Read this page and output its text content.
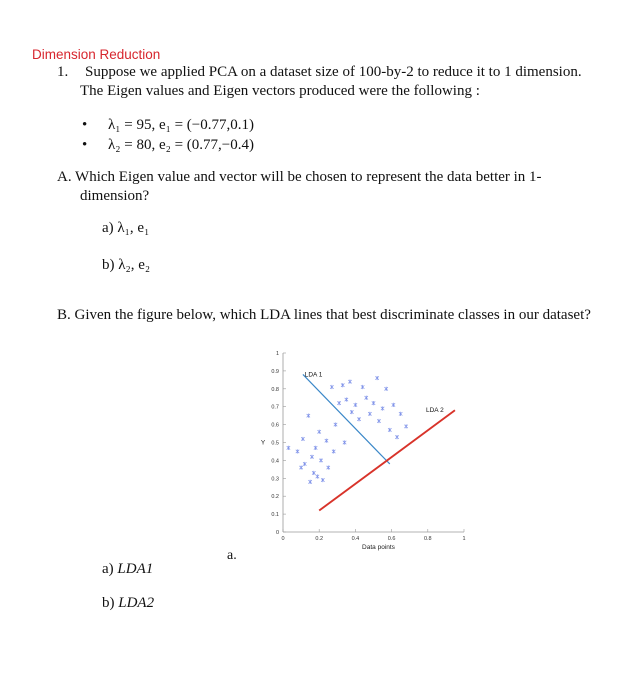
Dimension Reduction
1. Suppose we applied PCA on a dataset size of 100-by-2 to reduce it to 1 dimension.
The Eigen values and Eigen vectors produced were the following :
• λ₁ = 95, e₁ = (−0.77,0.1)
• λ₂ = 80, e₂ = (0.77,−0.4)
A. Which Eigen value and vector will be chosen to represent the data better in 1-
dimension?
a) λ₁, e₁
b) λ₂, e₂
B. Given the figure below, which LDA lines that best discriminate classes in our dataset?
0
0.1
0.2
0.3
0.4
0.5
0.6
0.7
0.8
0.9
1
0	0.2	0.4	0.6	0.8	1
Data points
Y
LDA 1
LDA 2
a.
a) LDA1
b) LDA2
